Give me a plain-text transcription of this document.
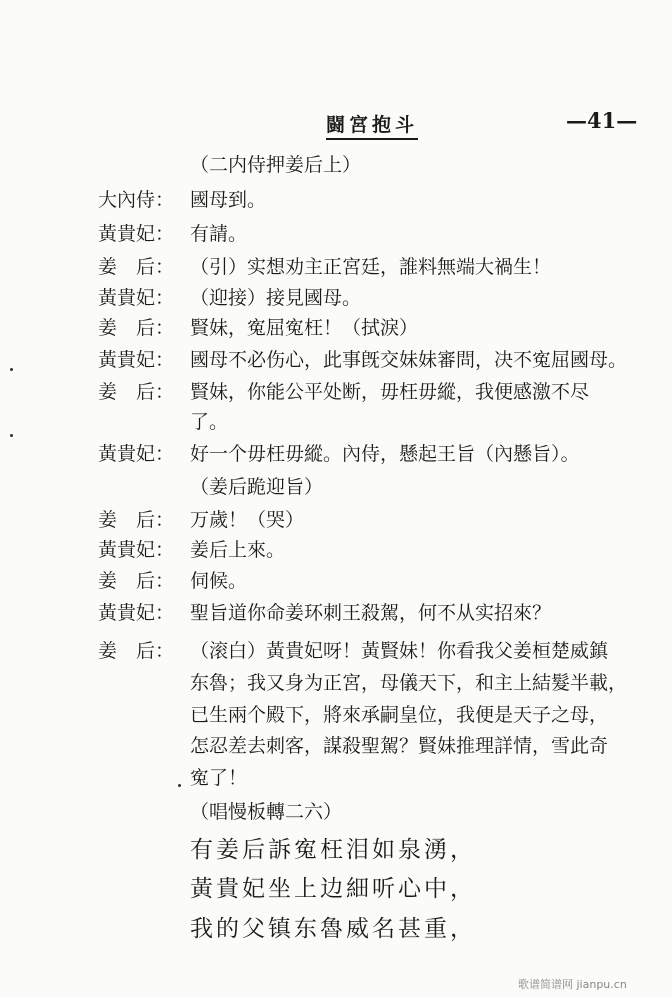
闘宮抱斗	—41—
（二内侍押姜后上）
大內侍： 國母到。
黃貴妃： 有請。
姜　后： （引）实想劝主正宮廷，誰料無端大禍生！
黃貴妃： （迎接）接見國母。
姜　后： 賢妹，寃屈寃枉！（拭淚）
黃貴妃： 國母不必伤心，此事旣交妹妹審問，决不寃屈國母。
姜　后： 賢妹，你能公平处断，毋枉毋縱，我便感激不尽
了。
黃貴妃： 好一个毋枉毋縱。內侍，懸起王旨（內懸旨）。
（姜后跪迎旨）
姜　后： 万歲！（哭）
黃貴妃： 姜后上來。
姜　后： 伺候。
黃貴妃： 聖旨道你命姜环刺王殺駕，何不从实招來？
姜　后： （滚白）黃貴妃呀！黃賢妹！你看我父姜桓楚威鎮
东魯；我又身为正宮，母儀天下，和主上結髮半載，
已生兩个殿下，將來承嗣皇位，我便是天子之母，
怎忍差去刺客，謀殺聖駕？賢妹推理詳情，雪此奇
寃了！
（唱慢板轉二六）
有姜后訴寃枉泪如泉湧，
黃貴妃坐上边細听心中，
我的父镇东魯威名甚重，
歌谱简谱网 jianpu.cn
